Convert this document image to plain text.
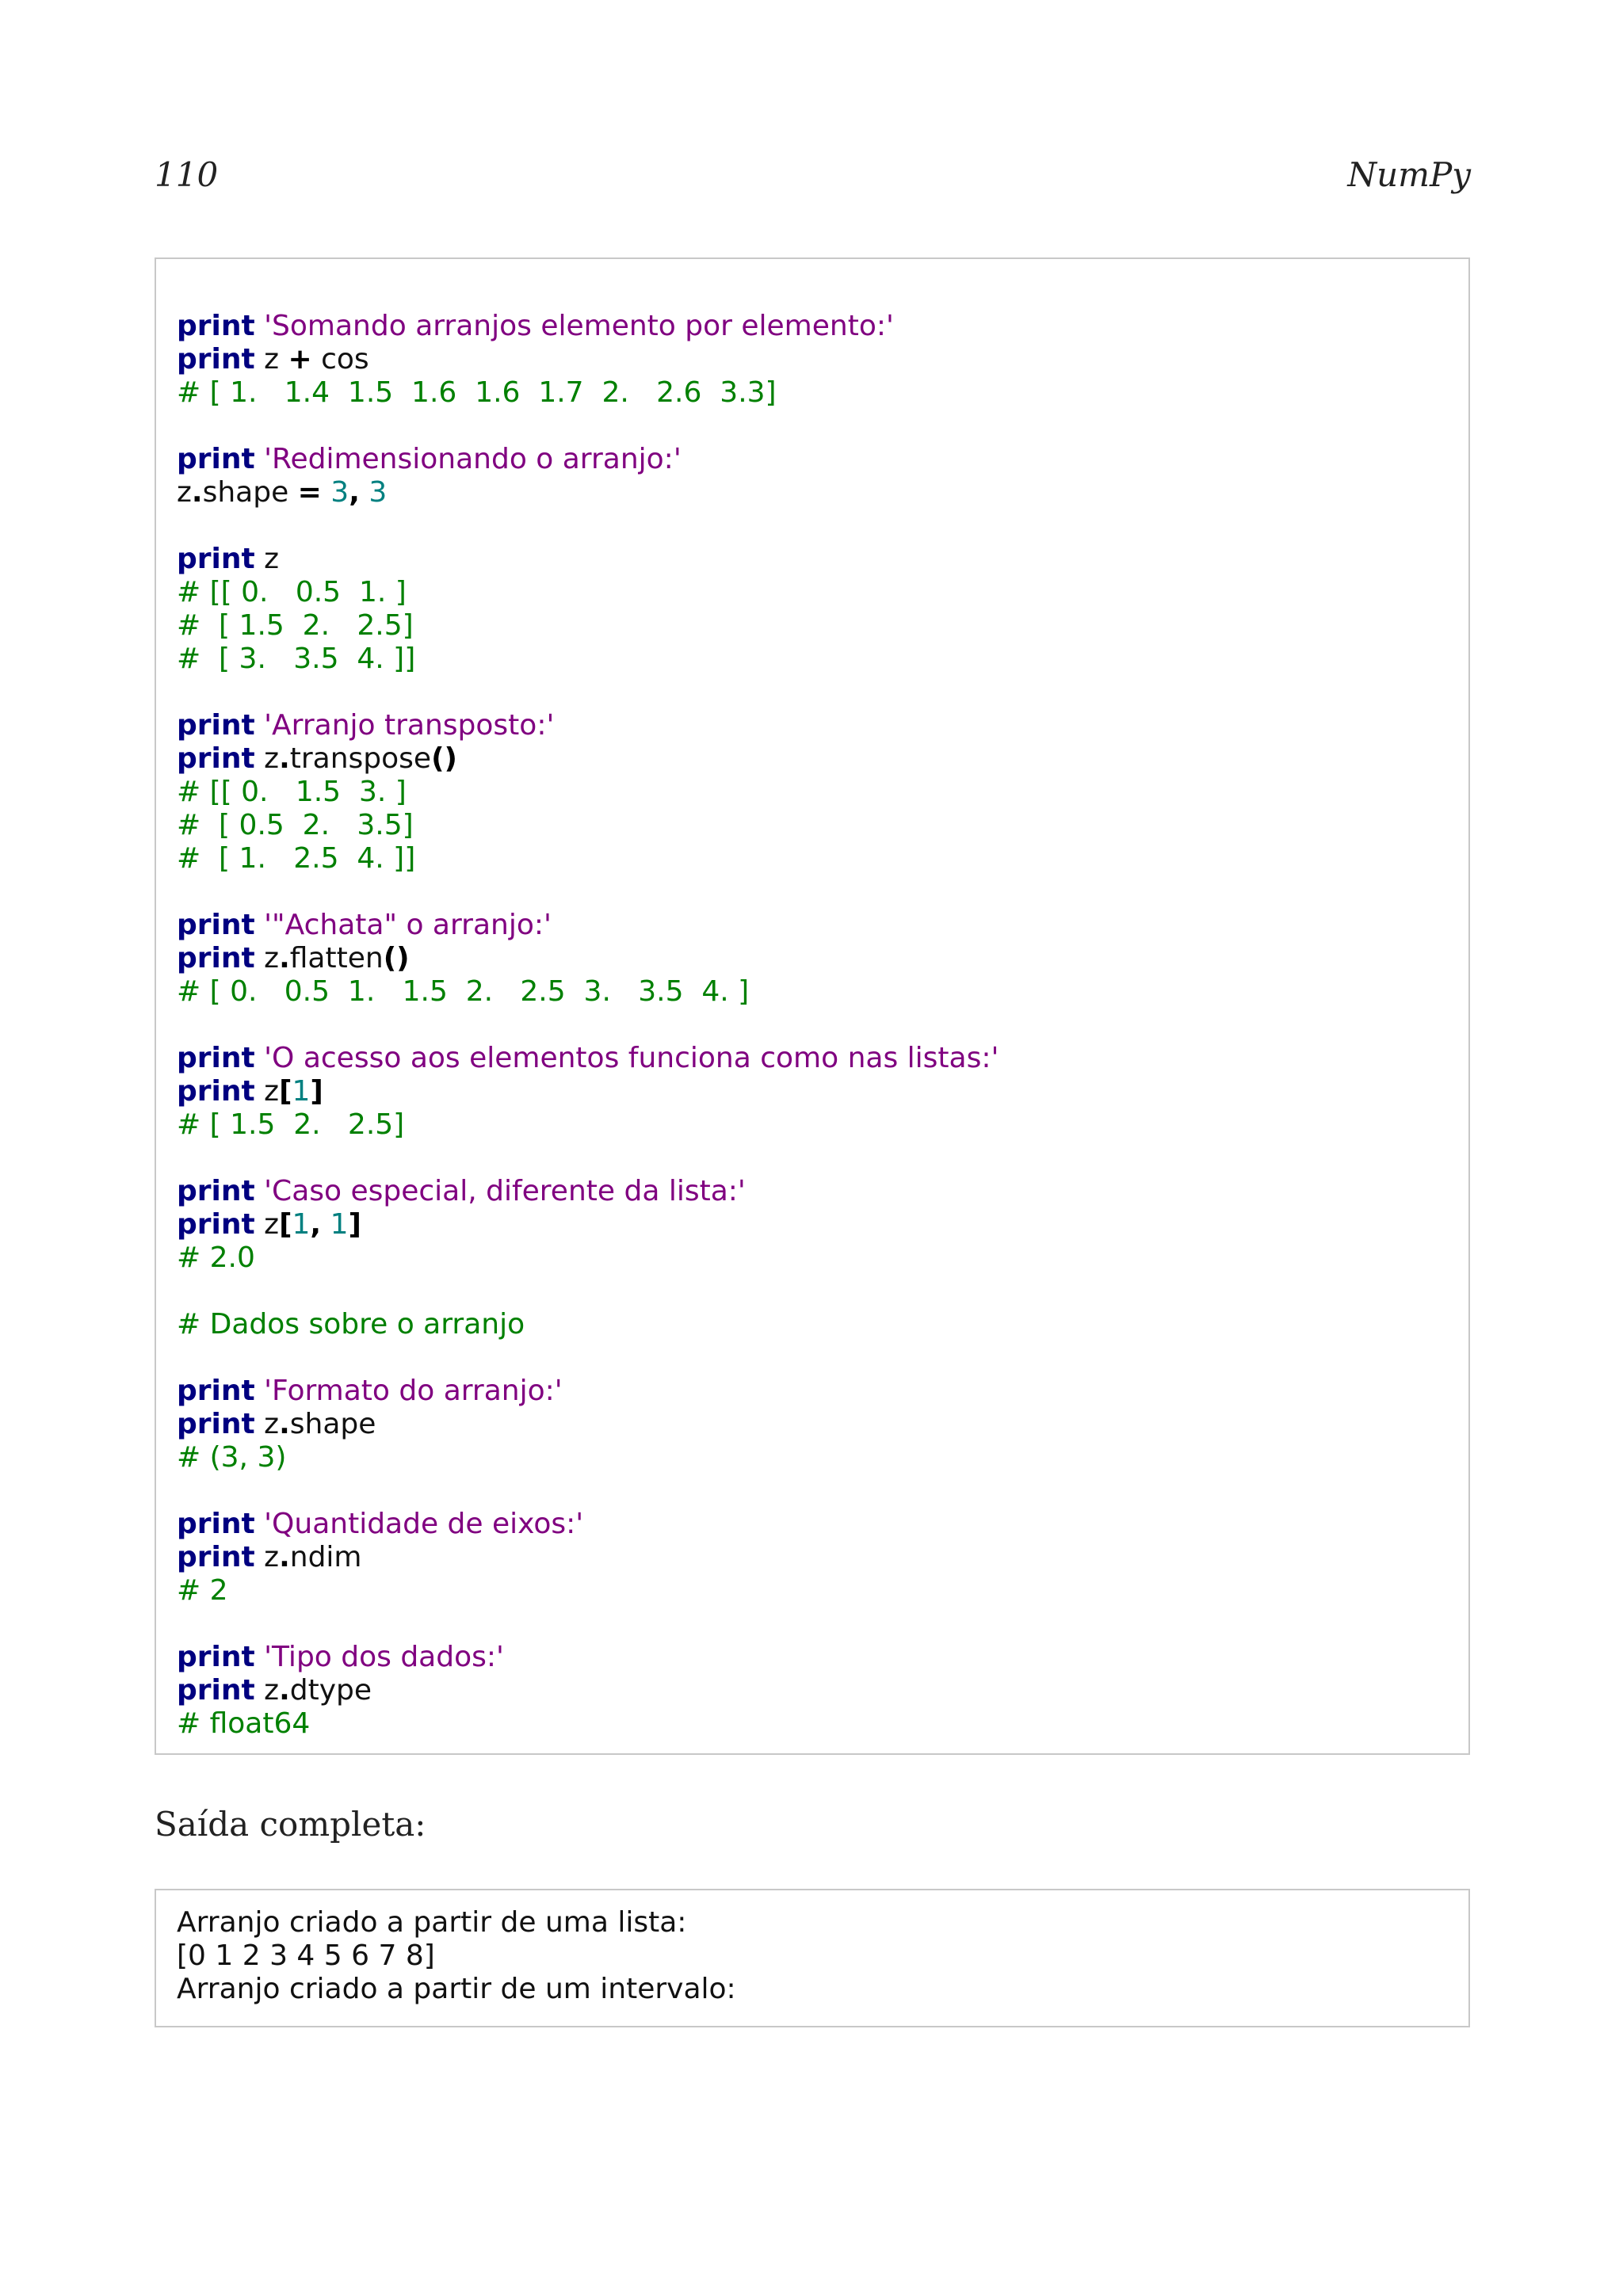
110	NumPy
print 'Somando arranjos elemento por elemento:'
print z + cos
# [ 1.   1.4  1.5  1.6  1.6  1.7  2.   2.6  3.3]
print 'Redimensionando o arranjo:'
z.shape = 3, 3
print z
# [[ 0.   0.5  1. ]
#  [ 1.5  2.   2.5]
#  [ 3.   3.5  4. ]]
print 'Arranjo transposto:'
print z.transpose()
# [[ 0.   1.5  3. ]
#  [ 0.5  2.   3.5]
#  [ 1.   2.5  4. ]]
print '"Achata" o arranjo:'
print z.flatten()
# [ 0.   0.5  1.   1.5  2.   2.5  3.   3.5  4. ]
print 'O acesso aos elementos funciona como nas listas:'
print z[1]
# [ 1.5  2.   2.5]
print 'Caso especial, diferente da lista:'
print z[1, 1]
# 2.0
# Dados sobre o arranjo
print 'Formato do arranjo:'
print z.shape
# (3, 3)
print 'Quantidade de eixos:'
print z.ndim
# 2
print 'Tipo dos dados:'
print z.dtype
# float64
Saída completa:
Arranjo criado a partir de uma lista:
[0 1 2 3 4 5 6 7 8]
Arranjo criado a partir de um intervalo:
